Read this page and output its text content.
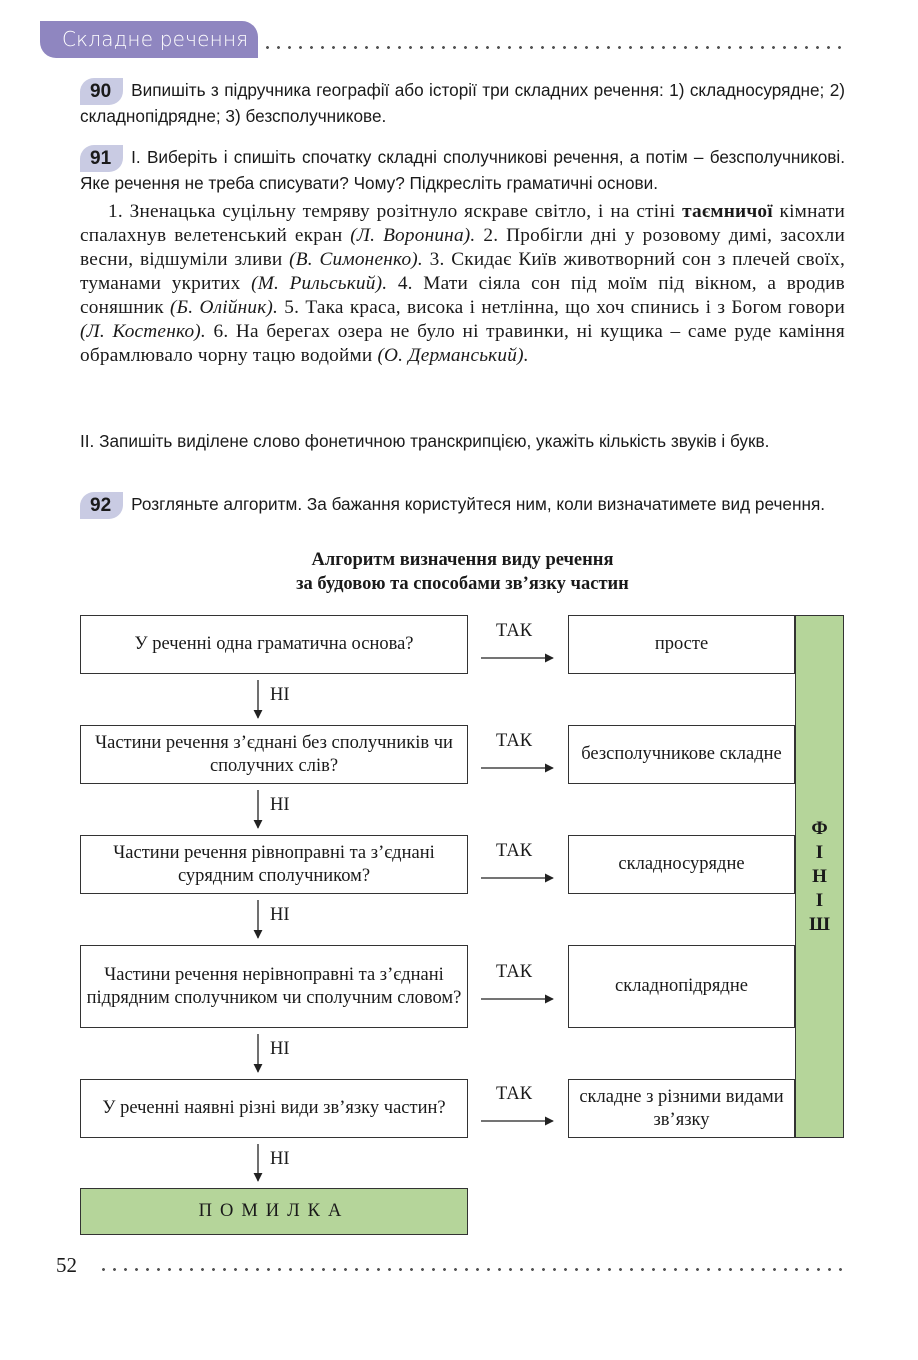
Складне речення
90 Випишіть з підручника географії або історії три складних речення: 1) складносурядне; 2) складнопідрядне; 3) безсполучникове.
91 І. Виберіть і спишіть спочатку складні сполучникові речення, а потім – безсполучникові. Яке речення не треба списувати? Чому? Підкресліть граматичні основи.
1. Зненацька суцільну темряву розітнуло яскраве світло, і на стіні таємничої кімнати спалахнув велетенський екран (Л. Воронина). 2. Пробігли дні у розовому димі, засохли весни, відшуміли зливи (В. Симоненко). 3. Скидає Київ животворний сон з плечей своїх, туманами укритих (М. Рильський). 4. Мати сіяла сон під моїм під вікном, а вродив соняшник (Б. Олійник). 5. Така краса, висока і нетлінна, що хоч спинись і з Богом говори (Л. Костенко). 6. На берегах озера не було ні травинки, ні кущика – саме руде каміння обрамлювало чорну тацю водойми (О. Дерманський).
ІІ. Запишіть виділене слово фонетичною транскрипцією, укажіть кількість звуків і букв.
92 Розгляньте алгоритм. За бажання користуйтеся ним, коли визначатимете вид речення.
Алгоритм визначення виду речення
за будовою та способами зв’язку частин
У реченні одна граматична основа?	просте
Частини речення з’єднані без сполучників чи сполучних слів?
безсполучникове складне
Частини речення рівноправні та з’єднані сурядним сполучником?
складносурядне
Частини речення нерівноправні та з’єднані підрядним сполучником чи сполучним словом?
складнопідрядне
У реченні наявні різні види зв’язку частин?
складне з різними видами зв’язку
Ф
І
Н
І
Ш
ПОМИЛКА
ТАК
ТАК
ТАК
ТАК
ТАК
НІ
НІ
НІ
НІ
НІ
52
